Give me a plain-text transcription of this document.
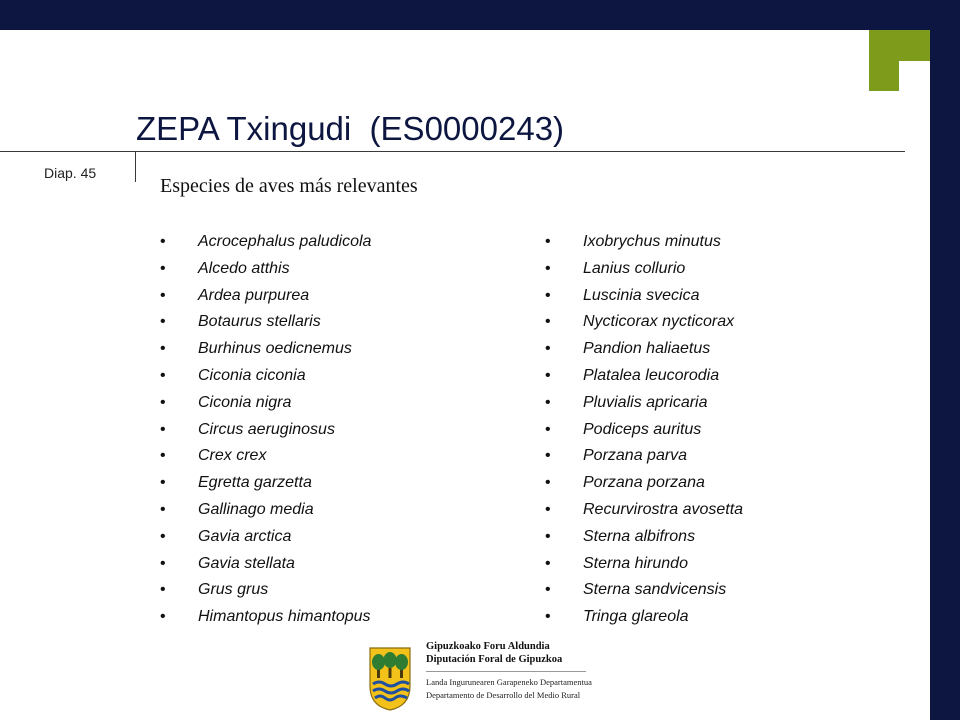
ZEPA Txingudi  (ES0000243)
Diap. 45
Especies de aves más relevantes
• Acrocephalus paludicola
• Alcedo atthis
• Ardea purpurea
• Botaurus stellaris
• Burhinus oedicnemus
• Ciconia ciconia
• Ciconia nigra
• Circus aeruginosus
• Crex crex
• Egretta garzetta
• Gallinago media
• Gavia arctica
• Gavia stellata
• Grus grus
• Himantopus himantopus
• Ixobrychus minutus
• Lanius collurio
• Luscinia svecica
• Nycticorax nycticorax
• Pandion haliaetus
• Platalea leucorodia
• Pluvialis apricaria
• Podiceps auritus
• Porzana parva
• Porzana porzana
• Recurvirostra avosetta
• Sterna albifrons
• Sterna hirundo
• Sterna sandvicensis
• Tringa glareola
Gipuzkoako Foru Aldundia
Diputación Foral de Gipuzkoa
Landa Ingurunearen Garapeneko Departamentua
Departamento de Desarrollo del Medio Rural
